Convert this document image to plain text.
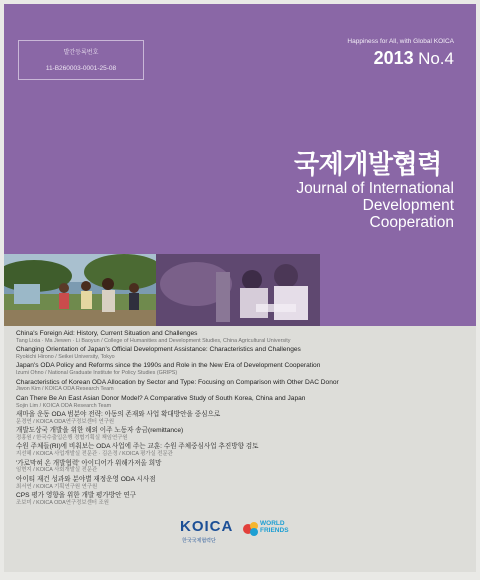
발간등록번호
11-B260003-0001-25-08
Happiness for All, with Global KOICA
2013 No.4
국제개발협력
Journal of International
Development
Cooperation
China's Foreign Aid: History, Current Situation and Challenges
Tang Lixia · Ma Jiewen · Li Baoyun / College of Humanities and Development Studies, China Agricultural University
Changing Orientation of Japan's Official Development Assistance: Characteristics and Challenges
Ryokichi Hirono / Seikei University, Tokyo
Japan's ODA Policy and Reforms since the 1990s and Role in the New Era of Development Cooperation
Izumi Ohno / National Graduate Institute for Policy Studies (GRIPS)
Characteristics of Korean ODA Allocation by Sector and Type: Focusing on Comparison with Other DAC Donor
Jiwon Kim / KOICA ODA Research Team
Can There Be An East Asian Donor Model? A Comparative Study of South Korea, China and Japan
Sojin Lim / KOICA ODA Research Team
새마을 운동 ODA 범분야 전략: 아동의 존재와 사업 확대방안을 중심으로
문경연 / KOICA ODA연구정보센터 연구원
개발도상국 개발을 위한 해외 이주 노동자 송금(remittance)
정홍원 / 한국수출입은행 경협기획실 책임연구원
수원 주체들(RI)에 비춰보는 ODA 사업에 주는 교훈: 수원 주체중심사업 추진방향 검토
지선혜 / KOICA 사업개발실 전문관 · 김은정 / KOICA 평가실 전문관
'가로막혀 온 개발협력' 아이디어가 위해가져올 희망
임현지 / KOICA 사회개발실 전문관
아이티 재건 성과와 분야별 재정운영 ODA 시사점
최서연 / KOICA 기획연구원 연구원
CPS 평가 영향을 위한 개발 평가방안 연구
조보미 / KOICA ODA연구정보센터 조원
KOICA
한국국제협력단
WORLD
FRIENDS
